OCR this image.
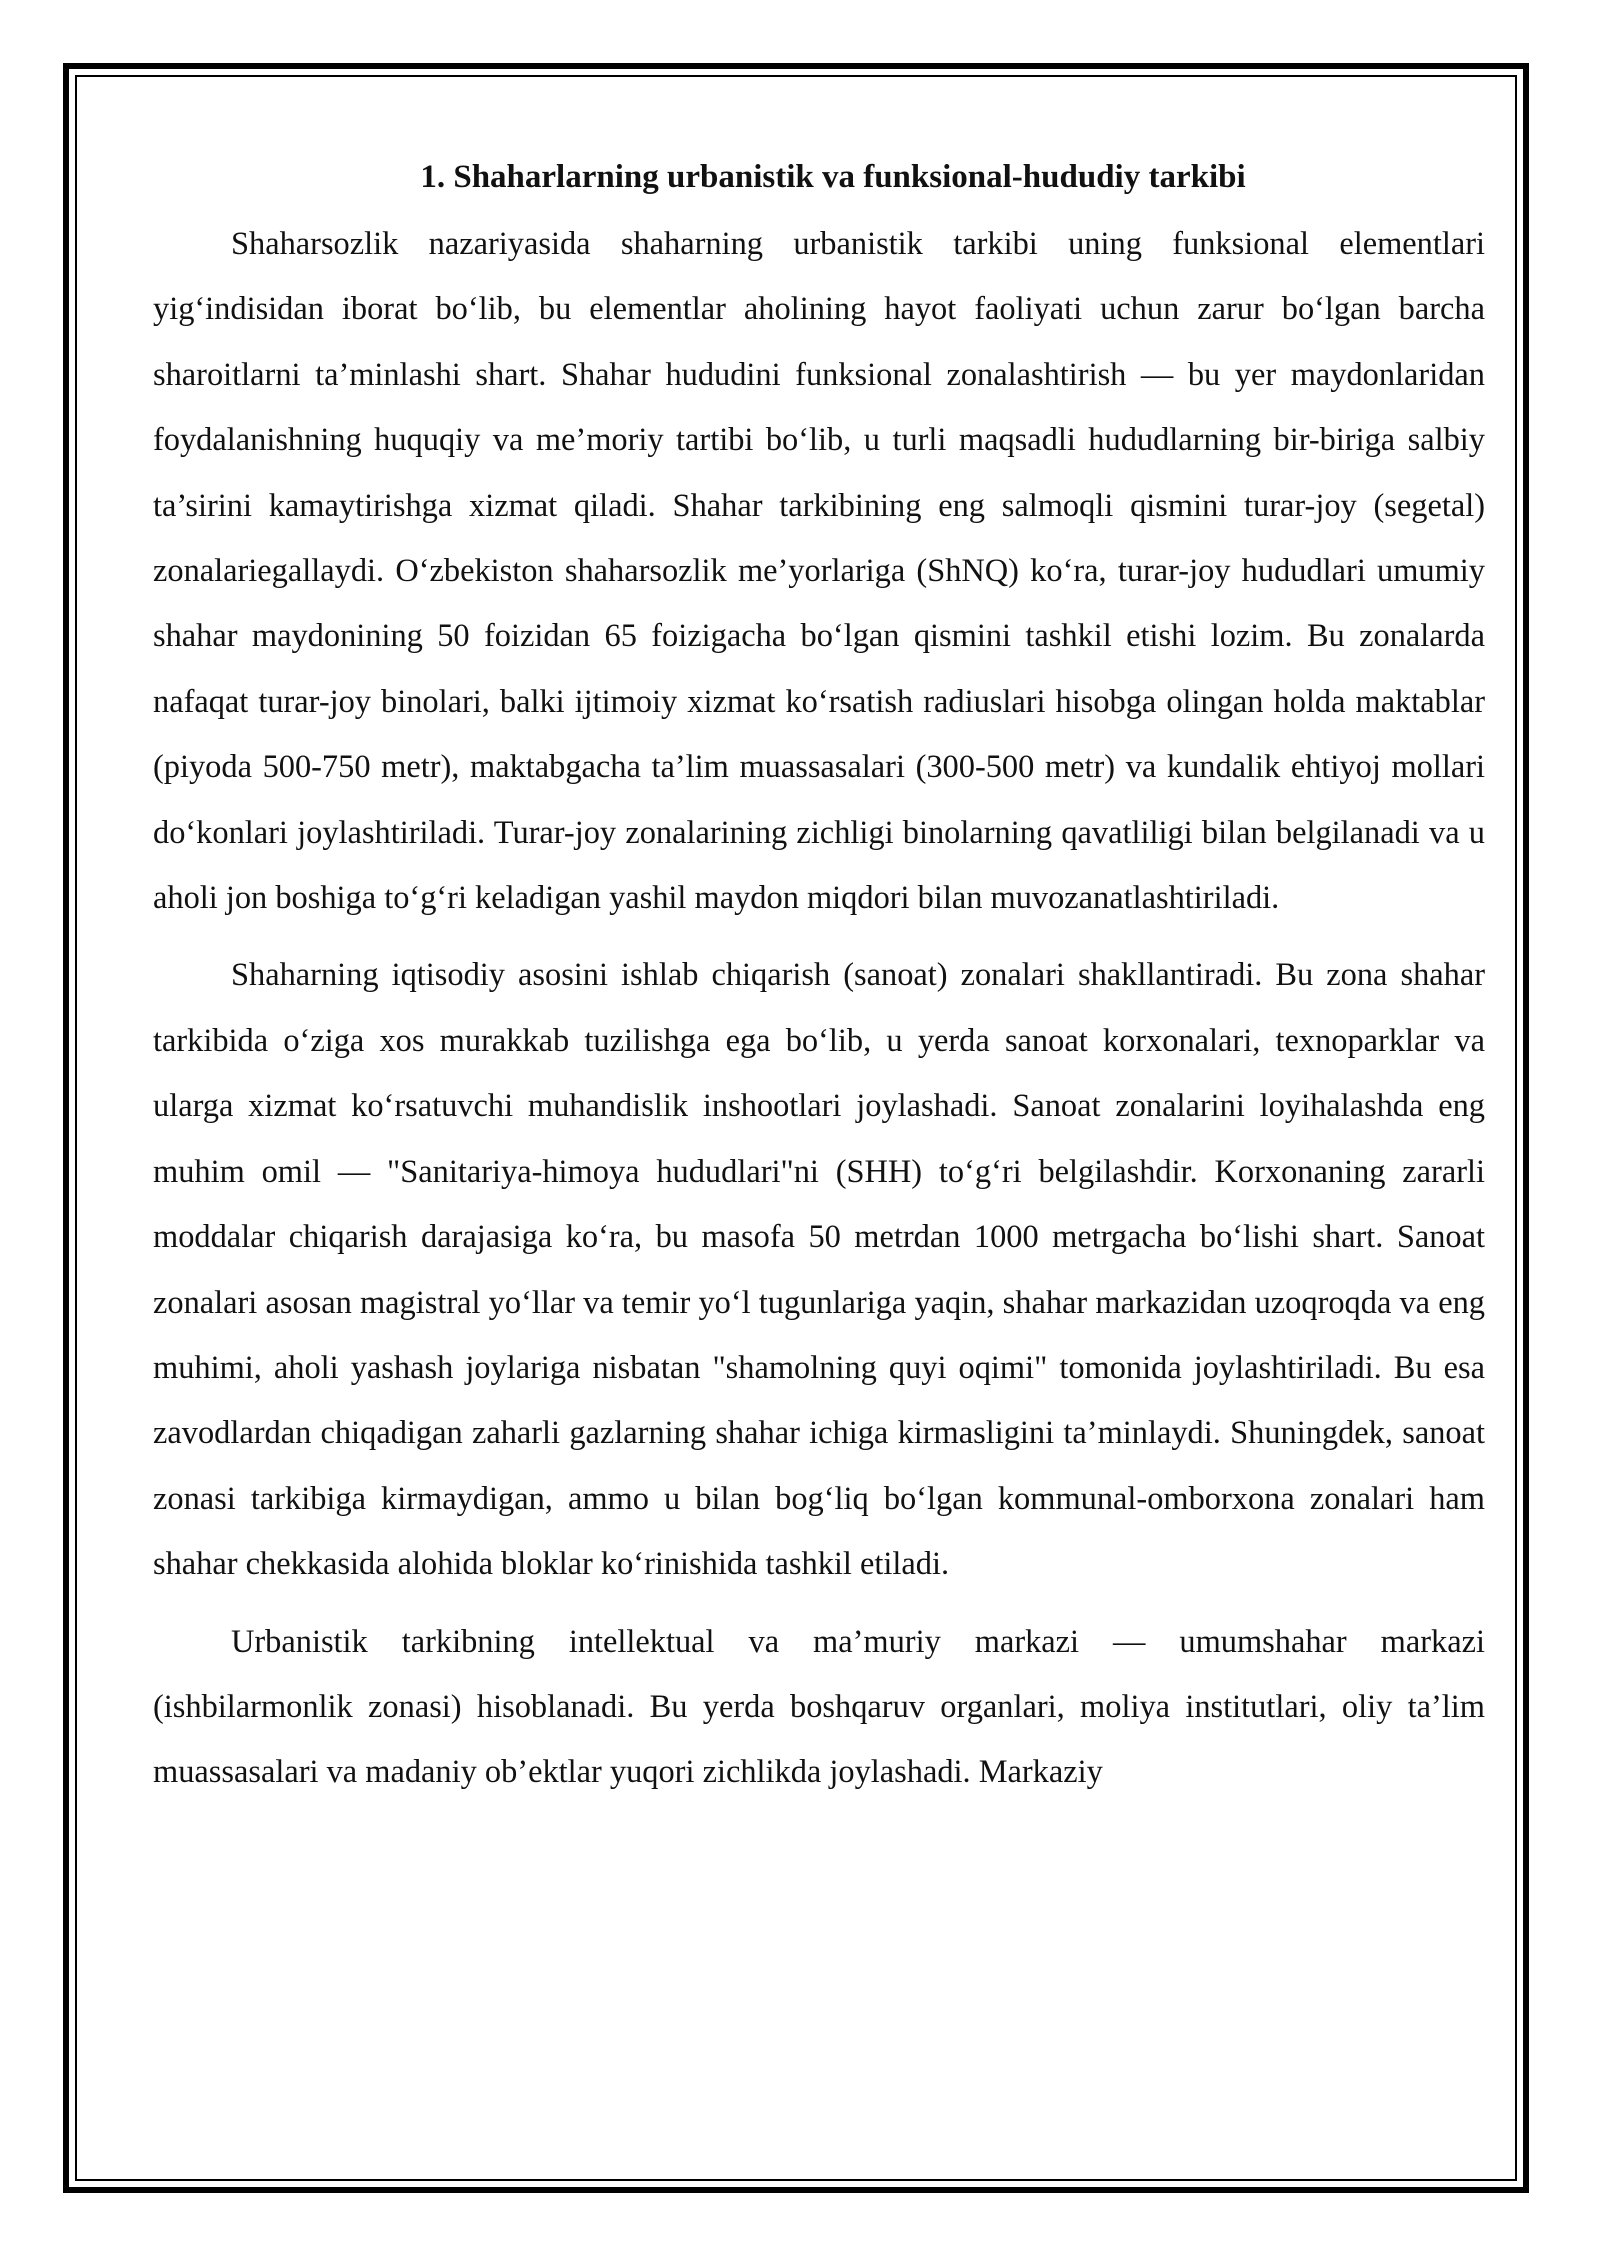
1. Shaharlarning urbanistik va funksional-hududiy tarkibi

Shaharsozlik nazariyasida shaharning urbanistik tarkibi uning funksional elementlari yig‘indisidan iborat bo‘lib, bu elementlar aholining hayot faoliyati uchun zarur bo‘lgan barcha sharoitlarni ta’minlashi shart. Shahar hududini funksional zonalashtirish — bu yer maydonlaridan foydalanishning huquqiy va me’moriy tartibi bo‘lib, u turli maqsadli hududlarning bir-biriga salbiy ta’sirini kamaytirishga xizmat qiladi. Shahar tarkibining eng salmoqli qismini turar-joy (segetal) zonalariegallaydi. O‘zbekiston shaharsozlik me’yorlariga (ShNQ) ko‘ra, turar-joy hududlari umumiy shahar maydonining 50 foizidan 65 foizigacha bo‘lgan qismini tashkil etishi lozim. Bu zonalarda nafaqat turar-joy binolari, balki ijtimoiy xizmat ko‘rsatish radiuslari hisobga olingan holda maktablar (piyoda 500-750 metr), maktabgacha ta’lim muassasalari (300-500 metr) va kundalik ehtiyoj mollari do‘konlari joylashtiriladi. Turar-joy zonalarining zichligi binolarning qavatliligi bilan belgilanadi va u aholi jon boshiga to‘g‘ri keladigan yashil maydon miqdori bilan muvozanatlashtiriladi.

Shaharning iqtisodiy asosini ishlab chiqarish (sanoat) zonalari shakllantiradi. Bu zona shahar tarkibida o‘ziga xos murakkab tuzilishga ega bo‘lib, u yerda sanoat korxonalari, texnoparklar va ularga xizmat ko‘rsatuvchi muhandislik inshootlari joylashadi. Sanoat zonalarini loyihalashda eng muhim omil — "Sanitariya-himoya hududlari"ni (SHH) to‘g‘ri belgilashdir. Korxonaning zararli moddalar chiqarish darajasiga ko‘ra, bu masofa 50 metrdan 1000 metrgacha bo‘lishi shart. Sanoat zonalari asosan magistral yo‘llar va temir yo‘l tugunlariga yaqin, shahar markazidan uzoqroqda va eng muhimi, aholi yashash joylariga nisbatan "shamolning quyi oqimi" tomonida joylashtiriladi. Bu esa zavodlardan chiqadigan zaharli gazlarning shahar ichiga kirmasligini ta’minlaydi. Shuningdek, sanoat zonasi tarkibiga kirmaydigan, ammo u bilan bog‘liq bo‘lgan kommunal-omborxona zonalari ham shahar chekkasida alohida bloklar ko‘rinishida tashkil etiladi.

Urbanistik tarkibning intellektual va ma’muriy markazi — umumshahar markazi (ishbilarmonlik zonasi) hisoblanadi. Bu yerda boshqaruv organlari, moliya institutlari, oliy ta’lim muassasalari va madaniy ob’ektlar yuqori zichlikda joylashadi. Markaziy
